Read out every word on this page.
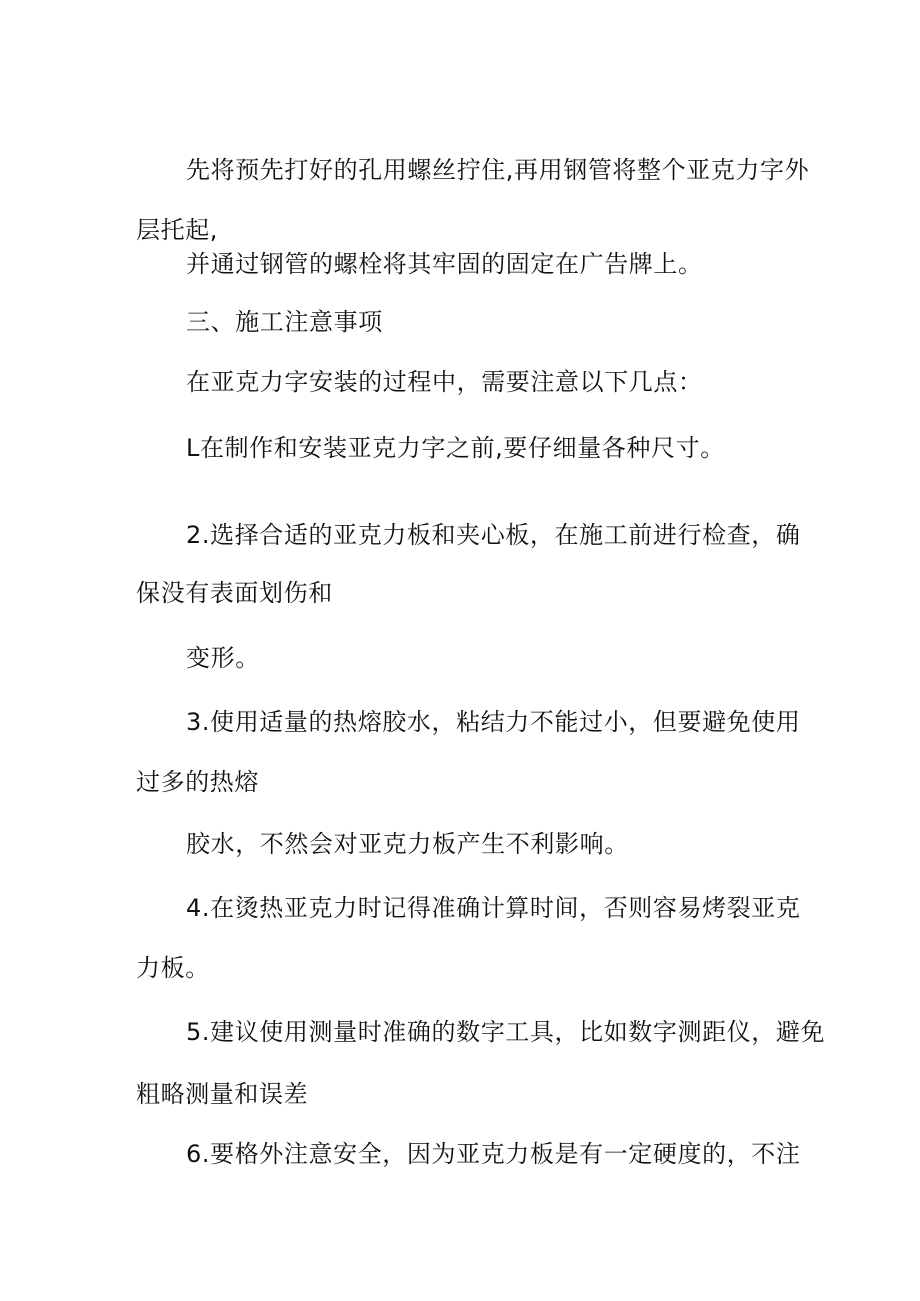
先将预先打好的孔用螺丝拧住,再用钢管将整个亚克力字外
层托起,
并通过钢管的螺栓将其牢固的固定在广告牌上。
三、施工注意事项
在亚克力字安装的过程中，需要注意以下几点：
L在制作和安装亚克力字之前,要仔细量各种尺寸。
2.选择合适的亚克力板和夹心板，在施工前进行检查，确
保没有表面划伤和
变形。
3.使用适量的热熔胶水，粘结力不能过小，但要避免使用
过多的热熔
胶水，不然会对亚克力板产生不利影响。
4.在烫热亚克力时记得准确计算时间，否则容易烤裂亚克
力板。
5.建议使用测量时准确的数字工具，比如数字测距仪，避免
粗略测量和误差
6.要格外注意安全，因为亚克力板是有一定硬度的，不注
